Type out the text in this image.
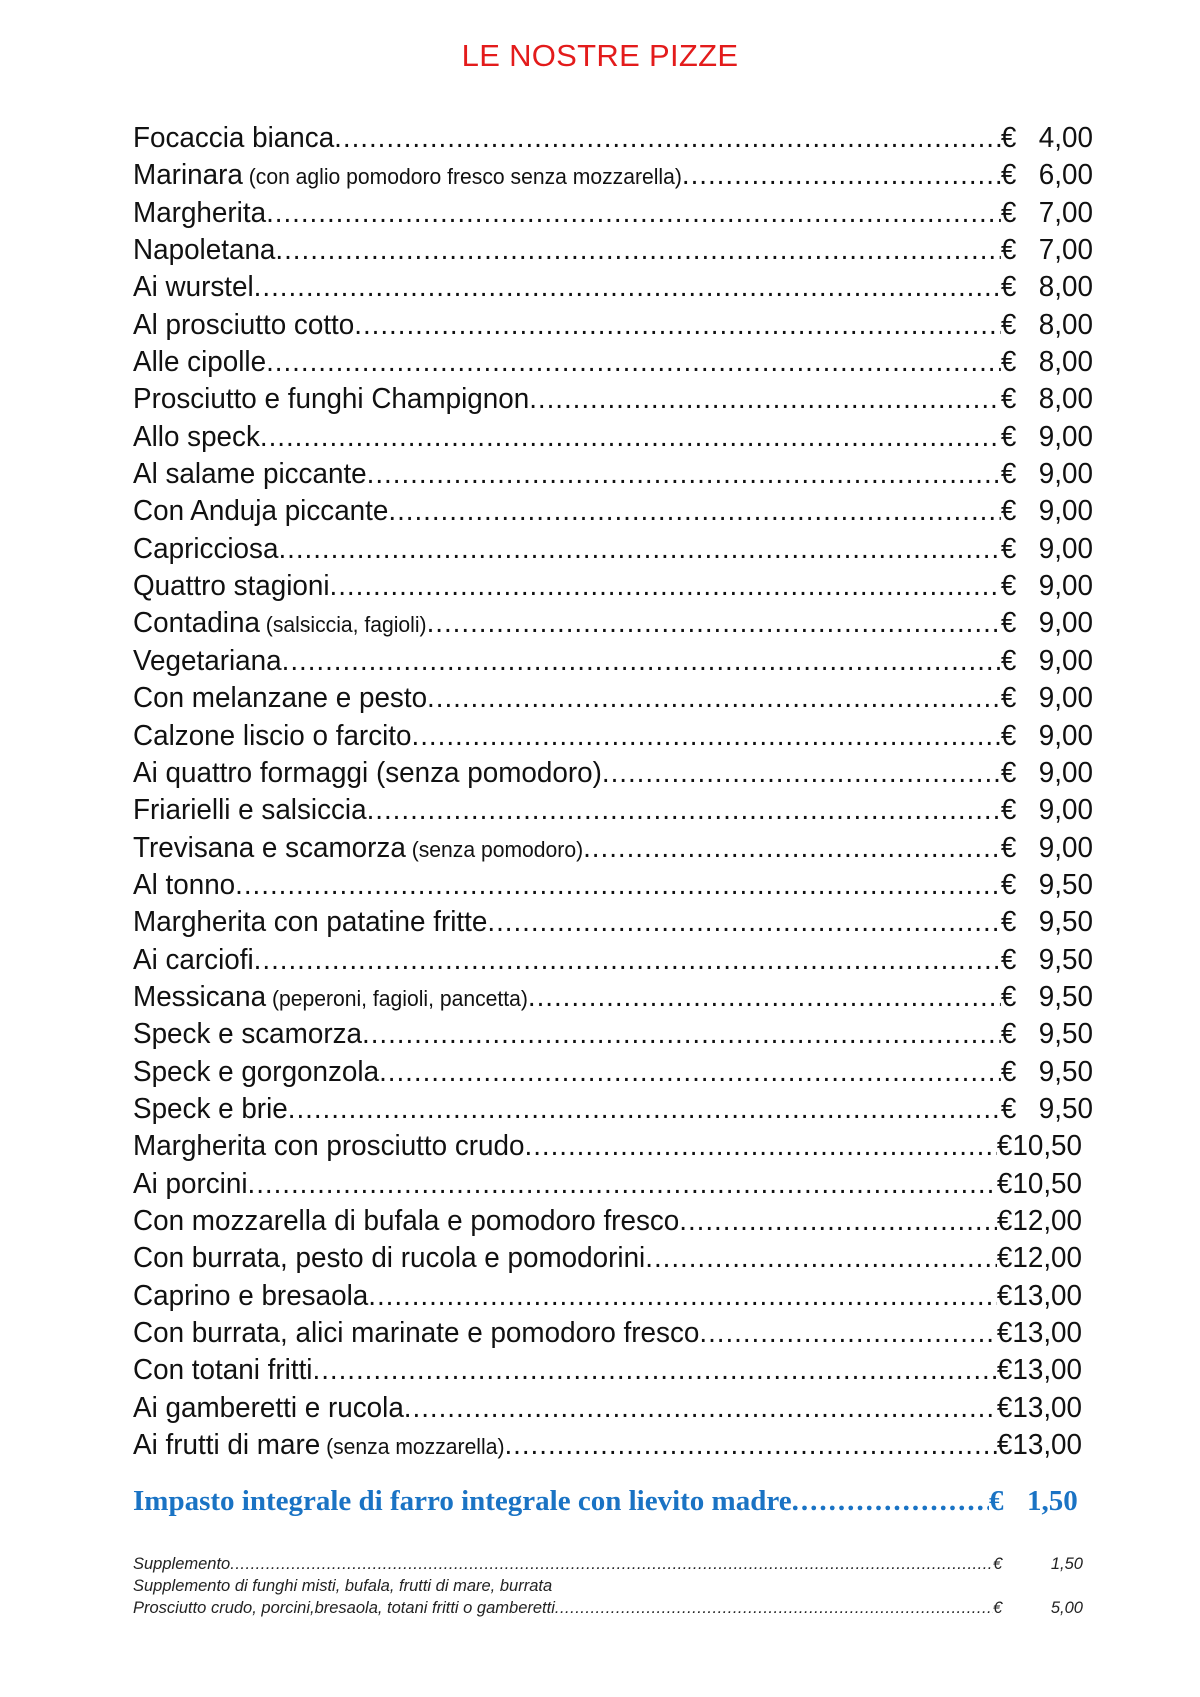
LE NOSTRE PIZZE
Focaccia bianca .....	€ 4,00
Marinara (con aglio pomodoro fresco senza mozzarella) .....	€ 6,00
Margherita .....	€ 7,00
Napoletana .....	€ 7,00
Ai wurstel .....	€ 8,00
Al prosciutto cotto .....	€ 8,00
Alle cipolle .....	€ 8,00
Prosciutto e funghi Champignon .....	€ 8,00
Allo speck .....	€ 9,00
Al salame piccante .....	€ 9,00
Con Anduja piccante .....	€ 9,00
Capricciosa .....	€ 9,00
Quattro stagioni .....	€ 9,00
Contadina (salsiccia, fagioli) .....	€ 9,00
Vegetariana .....	€ 9,00
Con melanzane e pesto .....	€ 9,00
Calzone liscio o farcito .....	€ 9,00
Ai quattro formaggi (senza pomodoro) .....	€ 9,00
Friarielli e salsiccia .....	€ 9,00
Trevisana e scamorza (senza pomodoro) .....	€ 9,00
Al tonno .....	€ 9,50
Margherita con patatine fritte .....	€ 9,50
Ai carciofi .....	€ 9,50
Messicana (peperoni, fagioli, pancetta) .....	€ 9,50
Speck e scamorza .....	€ 9,50
Speck e gorgonzola .....	€ 9,50
Speck e brie .....	€ 9,50
Margherita con prosciutto crudo .....	€ 10,50
Ai porcini .....	€ 10,50
Con mozzarella di bufala e pomodoro fresco .....	€ 12,00
Con burrata, pesto di rucola e pomodorini .....	€ 12,00
Caprino e bresaola .....	€ 13,00
Con burrata, alici marinate e pomodoro fresco .....	€ 13,00
Con totani fritti .....	€ 13,00
Ai gamberetti e rucola .....	€ 13,00
Ai frutti di mare (senza mozzarella) .....	€ 13,00
Impasto integrale di farro integrale con lievito madre .....	€ 1,50
Supplemento .....	€	1,50
Supplemento di funghi misti, bufala, frutti di mare, burrata
Prosciutto crudo, porcini,bresaola, totani fritti o gamberetti .....	€	5,00
